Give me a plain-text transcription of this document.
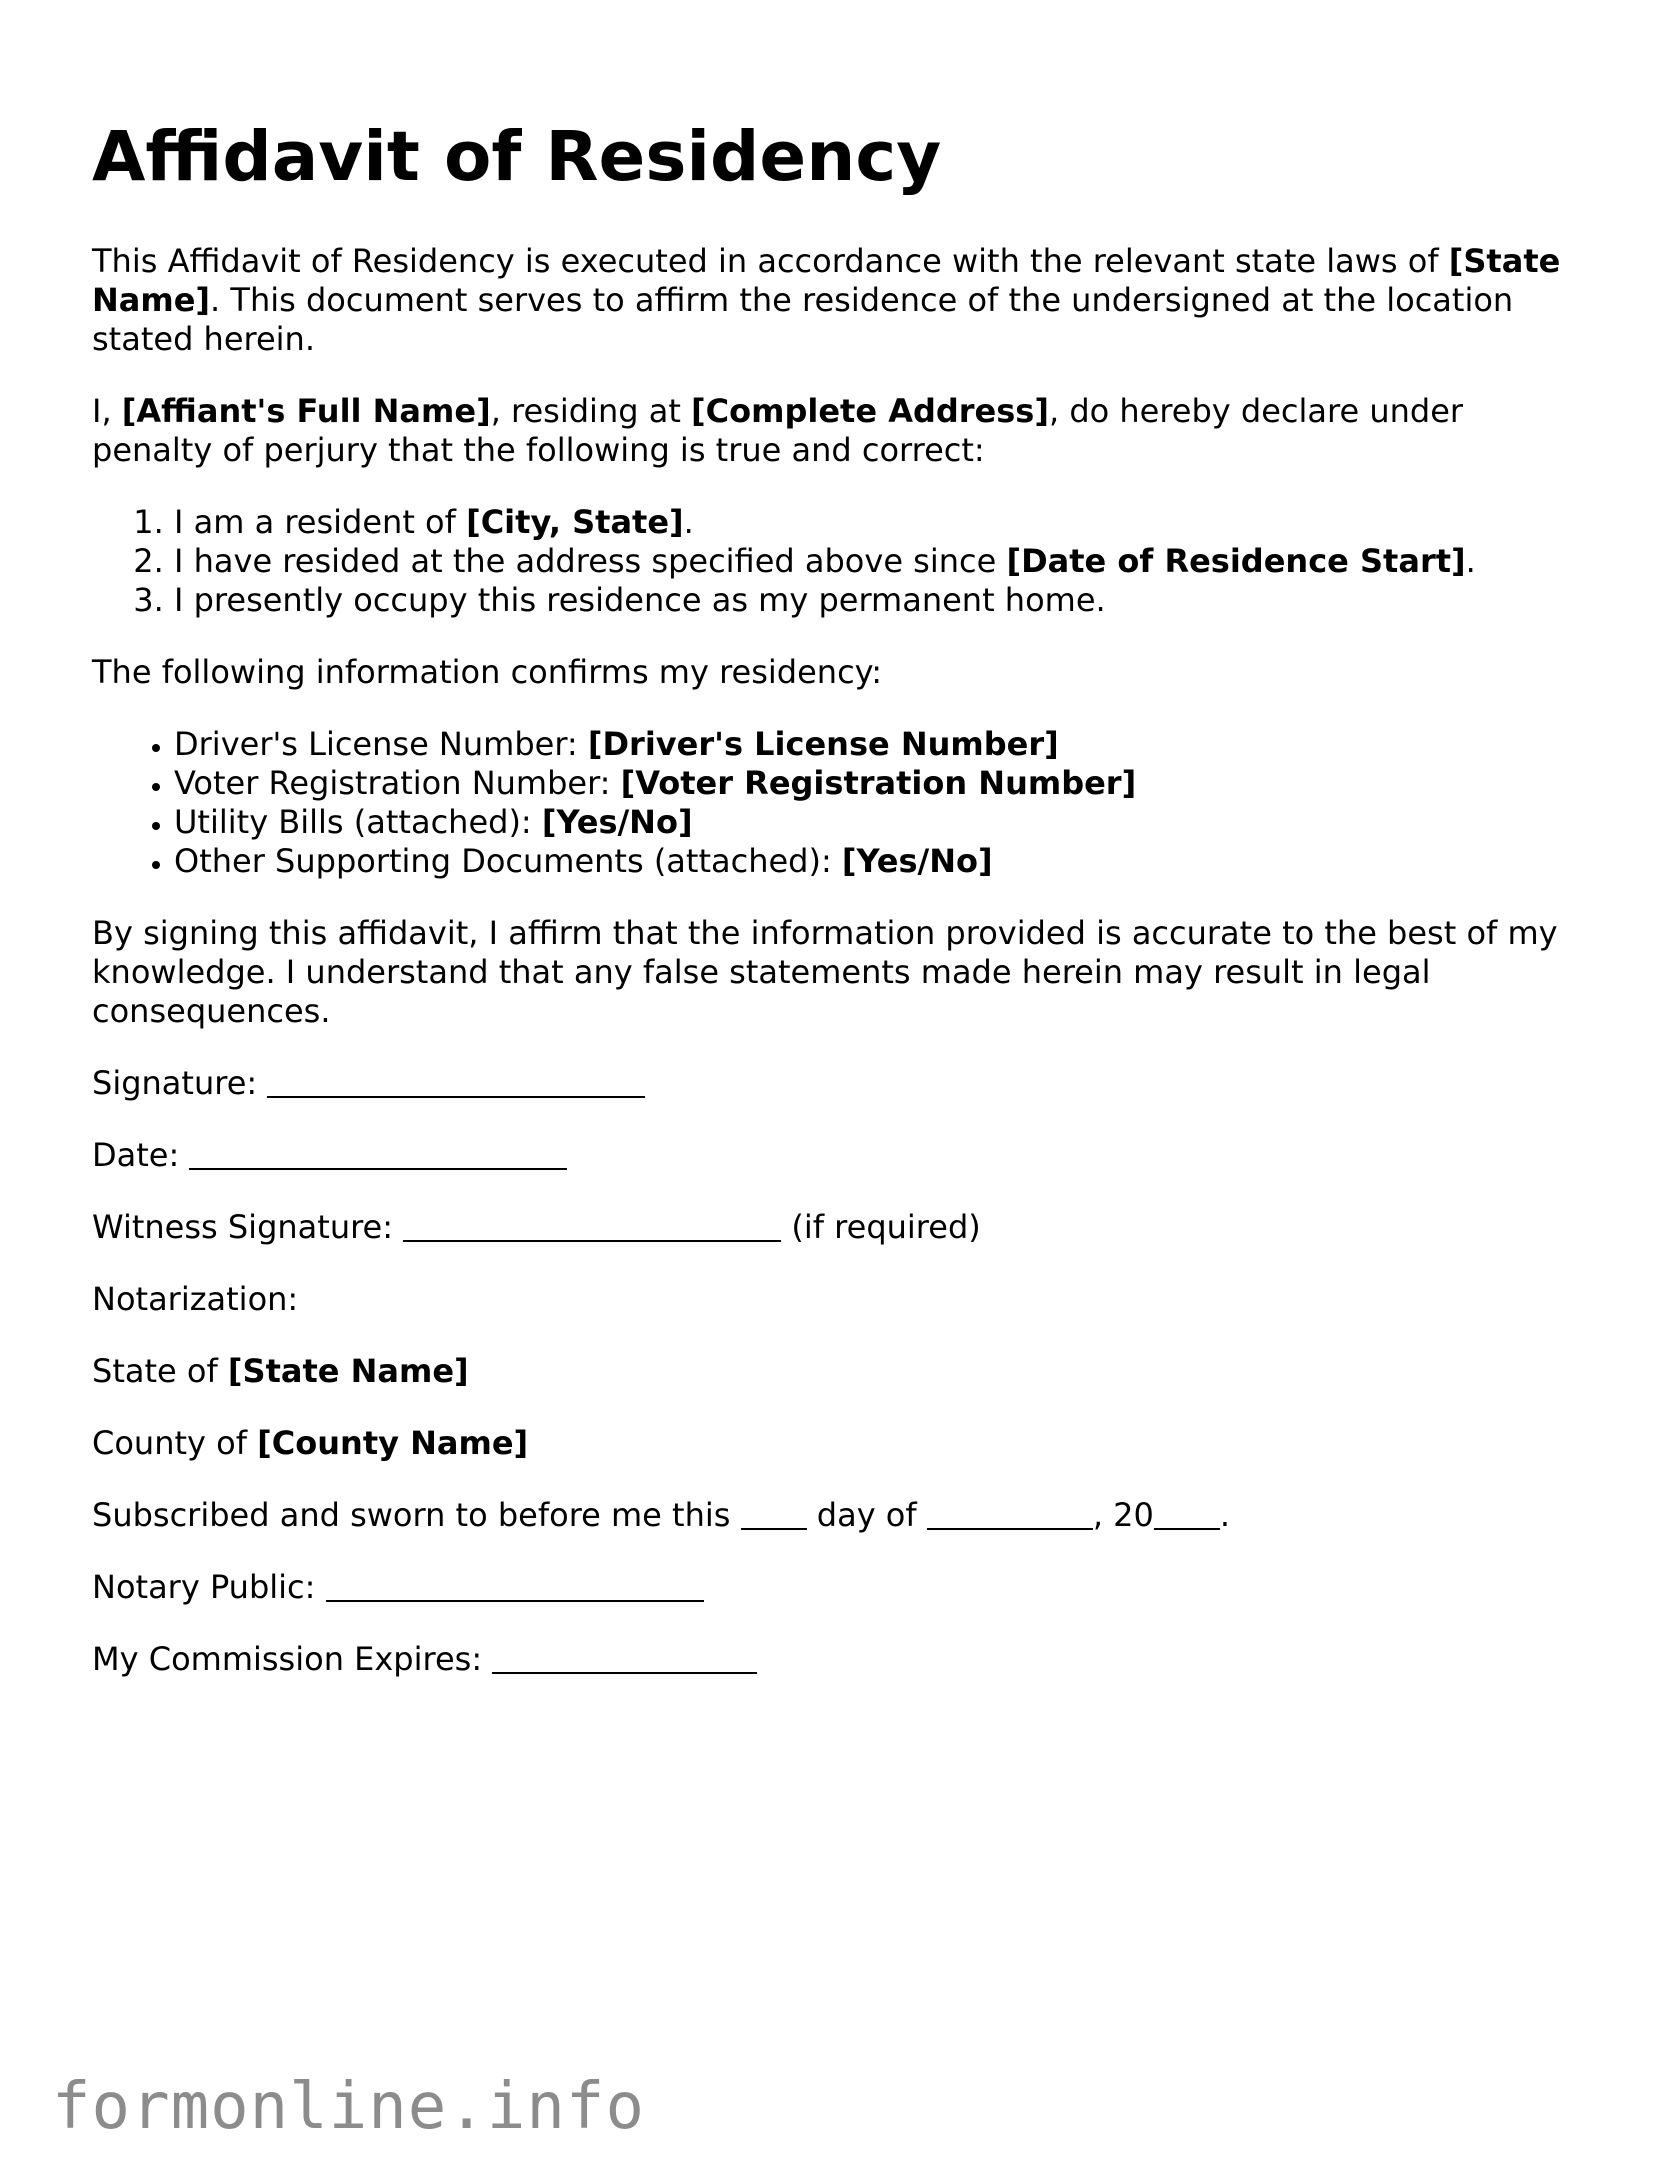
Affidavit of Residency

This Affidavit of Residency is executed in accordance with the relevant state laws of [State Name]. This document serves to affirm the residence of the undersigned at the location stated herein.

I, [Affiant's Full Name], residing at [Complete Address], do hereby declare under penalty of perjury that the following is true and correct:

1. I am a resident of [City, State].
2. I have resided at the address specified above since [Date of Residence Start].
3. I presently occupy this residence as my permanent home.

The following information confirms my residency:

• Driver's License Number: [Driver's License Number]
• Voter Registration Number: [Voter Registration Number]
• Utility Bills (attached): [Yes/No]
• Other Supporting Documents (attached): [Yes/No]

By signing this affidavit, I affirm that the information provided is accurate to the best of my knowledge. I understand that any false statements made herein may result in legal consequences.

Signature:

Date:

Witness Signature:	(if required)

Notarization:

State of [State Name]

County of [County Name]

Subscribed and sworn to before me this  day of	, 20 .

Notary Public:

My Commission Expires:

formonline.info
